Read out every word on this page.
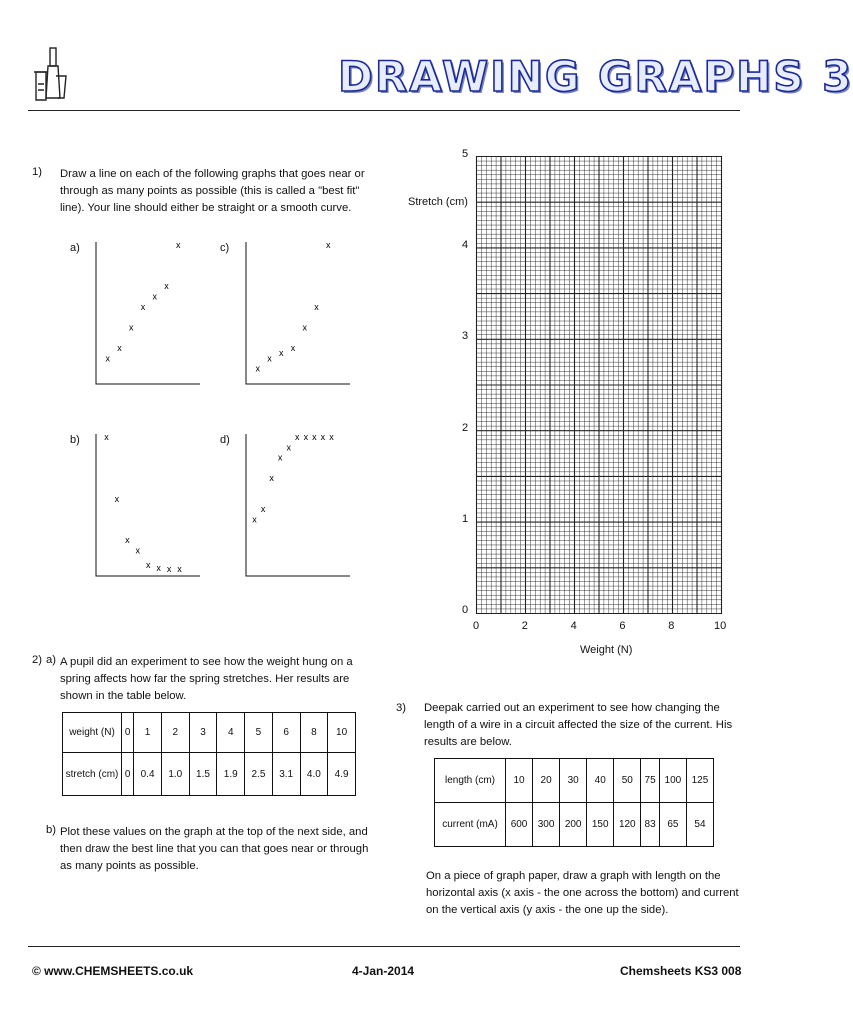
DRAWING GRAPHS 3
1) Draw a line on each of the following graphs that goes near or through as many points as possible (this is called a "best fit" line). Your line should either be straight or a smooth curve.
a)	c)
b)	d)
x
x
x
x
x
x
x
x
x
x
x
x
x
x
x
x
x
x
x x x x
x
x
x
x
x
x x x x x
2) a) A pupil did an experiment to see how the weight hung on a spring affects how far the spring stretches. Her results are shown in the table below.
weight (N)	0	1	2	3	4	5	6	8	10
stretch (cm)	0	0.4	1.0	1.5	1.9	2.5	3.1	4.0	4.9
b) Plot these values on the graph at the top of the next side, and then draw the best line that you can that goes near or through as many points as possible.
Stretch (cm)
0
1
2
3
4
5
0	2	4	6	8	10
Weight (N)
3) Deepak carried out an experiment to see how changing the length of a wire in a circuit affected the size of the current. His results are below.
length (cm)	10	20	30	40	50	75	100	125
current (mA)	600	300	200	150	120	83	65	54
On a piece of graph paper, draw a graph with length on the horizontal axis (x axis - the one across the bottom) and current on the vertical axis (y axis - the one up the side).
© www.CHEMSHEETS.co.uk	4-Jan-2014	Chemsheets KS3 008
